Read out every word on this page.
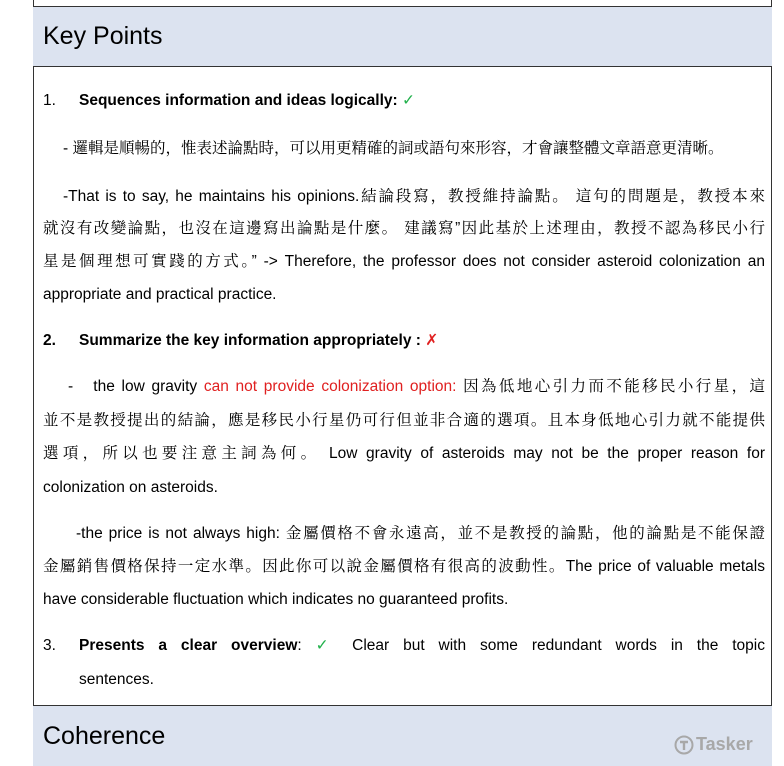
Key Points
1. Sequences information and ideas logically: ✓
- 邏輯是順暢的，惟表述論點時，可以用更精確的詞或語句來形容，才會讓整體文章語意更清晰。
-That is to say, he maintains his opinions.結論段寫，教授維持論點。 這句的問題是，教授本來
就沒有改變論點，也沒在這邊寫出論點是什麼。 建議寫”因此基於上述理由，教授不認為移民小行
星是個理想可實踐的方式。” -> Therefore, the professor does not consider asteroid colonization an
appropriate and practical practice.
2. Summarize the key information appropriately : ✗
-   the low gravity can not provide colonization option: 因為低地心引力而不能移民小行星，這
並不是教授提出的結論，應是移民小行星仍可行但並非合適的選項。且本身低地心引力就不能提供
選項，所以也要注意主詞為何。 Low gravity of asteroids may not be the proper reason for
colonization on asteroids.
-the price is not always high: 金屬價格不會永遠高，並不是教授的論點，他的論點是不能保證
金屬銷售價格保持一定水準。因此你可以說金屬價格有很高的波動性。The price of valuable metals
have considerable fluctuation which indicates no guaranteed profits.
3. Presents a clear overview: ✓ Clear but with some redundant words in the topic
sentences.
Coherence	Tasker
